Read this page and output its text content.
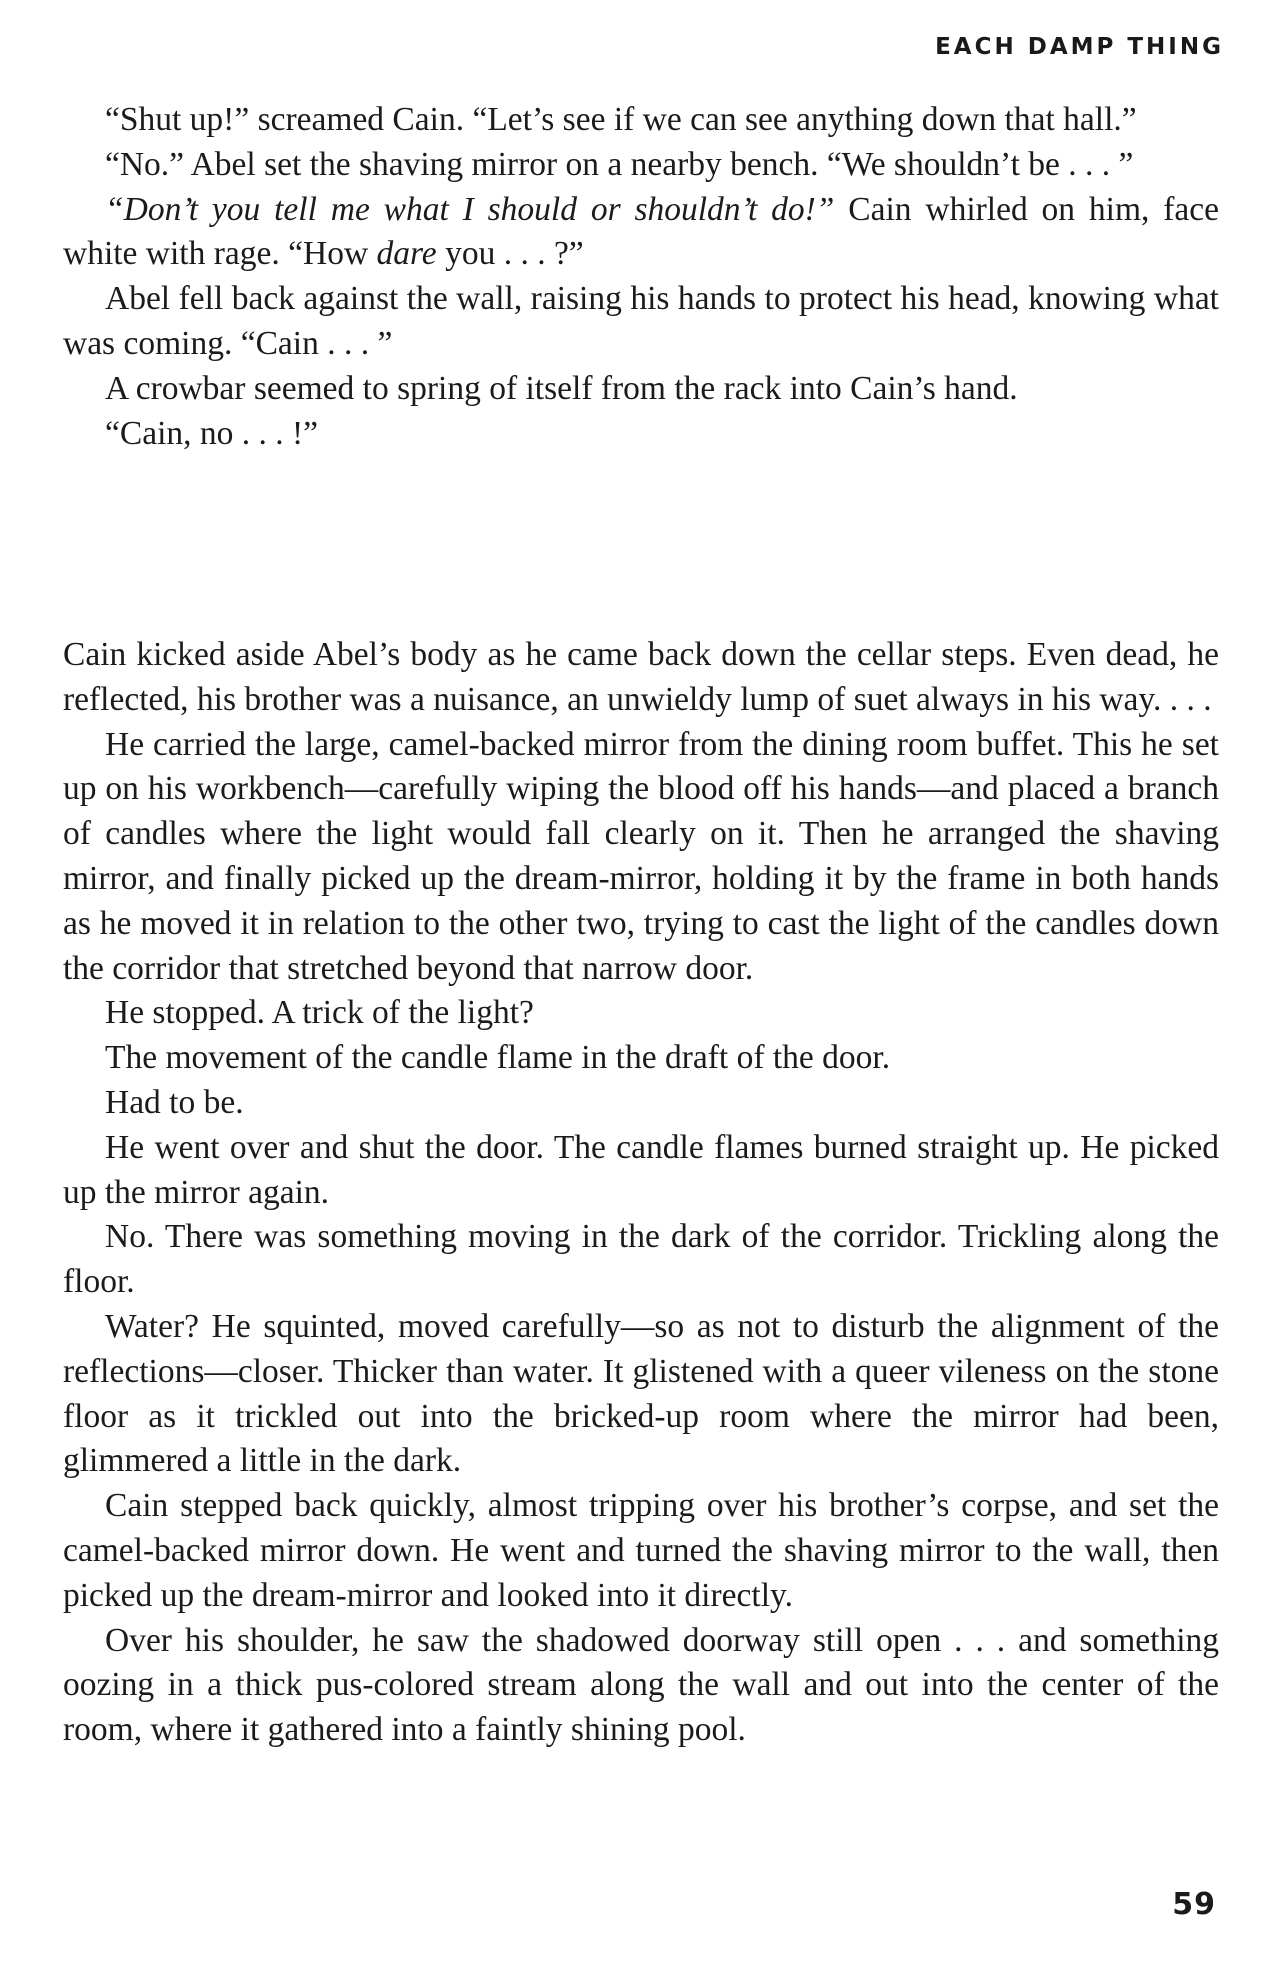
EACH DAMP THING

“Shut up!” screamed Cain. “Let’s see if we can see anything down that hall.”

“No.” Abel set the shaving mirror on a nearby bench. “We shouldn’t be . . . ”

“Don’t you tell me what I should or shouldn’t do!” Cain whirled on him, face white with rage. “How dare you . . . ?”

Abel fell back against the wall, raising his hands to protect his head, knowing what was coming. “Cain . . . ”

A crowbar seemed to spring of itself from the rack into Cain’s hand.

“Cain, no . . . !”

Cain kicked aside Abel’s body as he came back down the cellar steps. Even dead, he reflected, his brother was a nuisance, an unwieldy lump of suet always in his way. . . .

He carried the large, camel-backed mirror from the dining room buffet. This he set up on his workbench—carefully wiping the blood off his hands—and placed a branch of candles where the light would fall clearly on it. Then he arranged the shaving mirror, and finally picked up the dream-mirror, holding it by the frame in both hands as he moved it in relation to the other two, trying to cast the light of the candles down the corridor that stretched beyond that narrow door.

He stopped. A trick of the light?

The movement of the candle flame in the draft of the door.

Had to be.

He went over and shut the door. The candle flames burned straight up. He picked up the mirror again.

No. There was something moving in the dark of the corridor. Trickling along the floor.

Water? He squinted, moved carefully—so as not to disturb the alignment of the reflections—closer. Thicker than water. It glistened with a queer vileness on the stone floor as it trickled out into the bricked-up room where the mirror had been, glimmered a little in the dark.

Cain stepped back quickly, almost tripping over his brother’s corpse, and set the camel-backed mirror down. He went and turned the shaving mirror to the wall, then picked up the dream-mirror and looked into it directly.

Over his shoulder, he saw the shadowed doorway still open . . . and something oozing in a thick pus-colored stream along the wall and out into the center of the room, where it gathered into a faintly shining pool.

59
